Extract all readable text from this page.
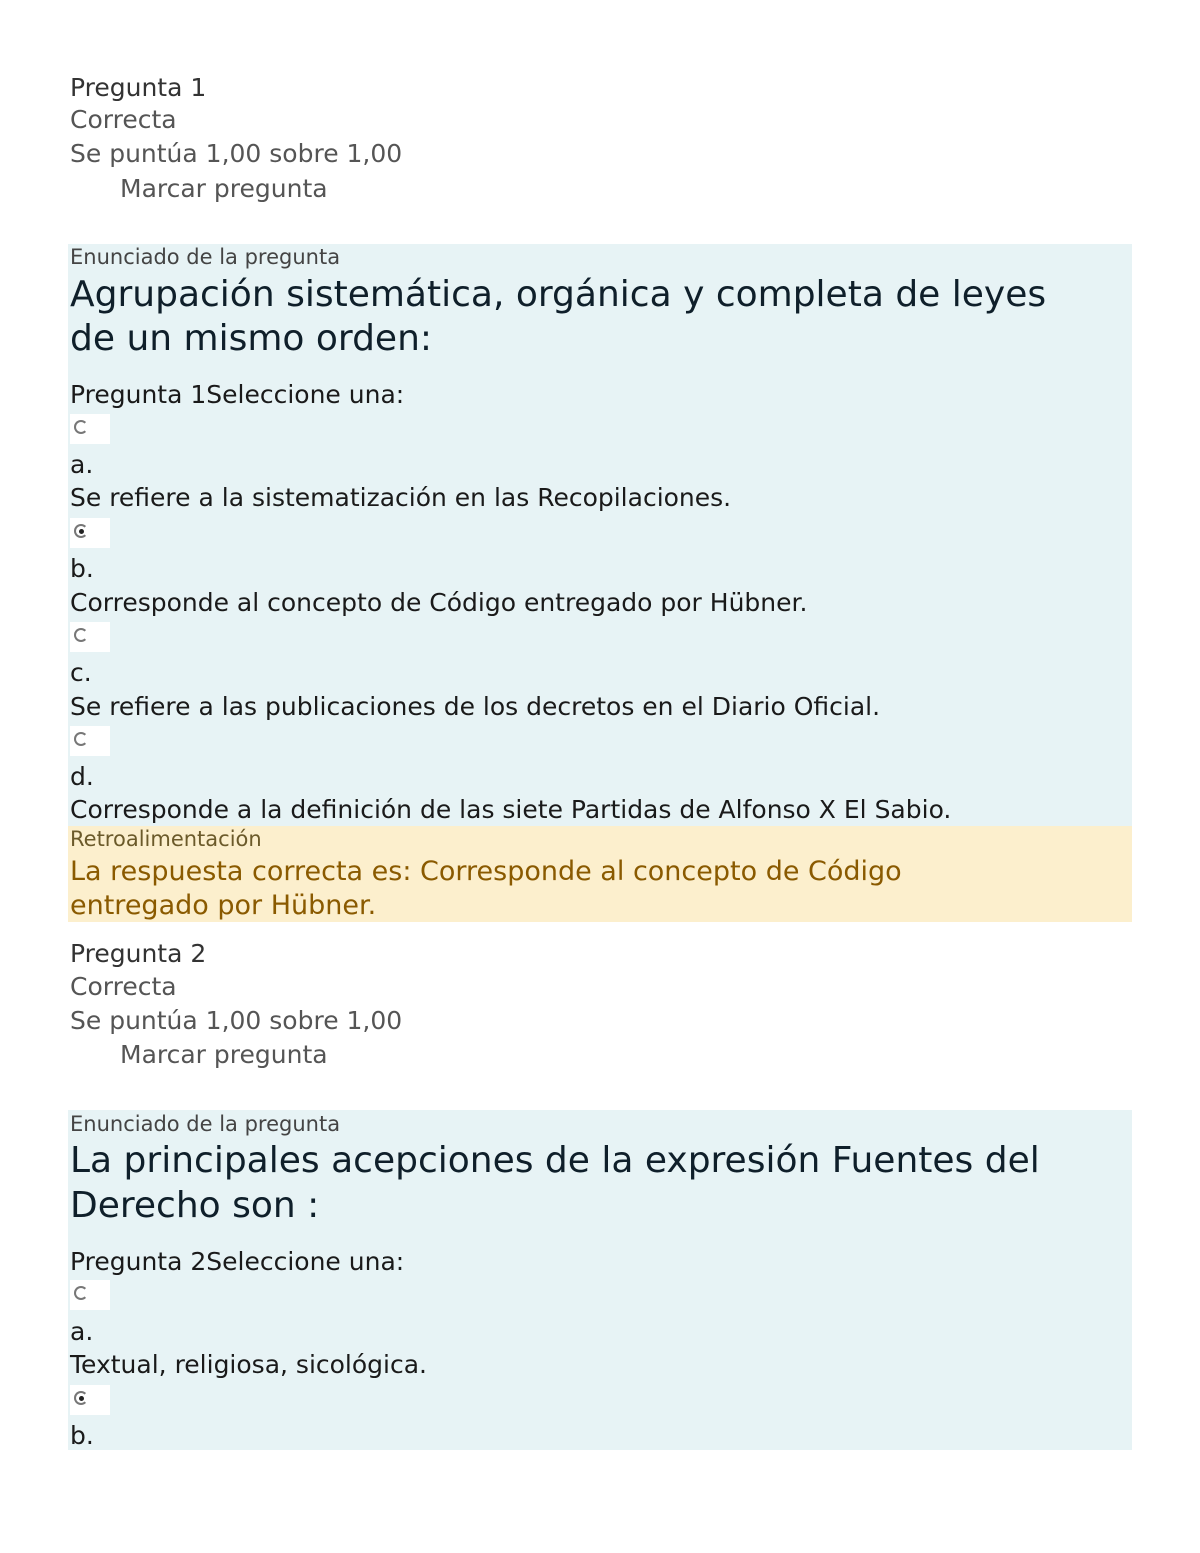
Pregunta 1
Correcta
Se puntúa 1,00 sobre 1,00
Marcar pregunta
Enunciado de la pregunta
Agrupación sistemática, orgánica y completa de leyes
de un mismo orden:
Pregunta 1Seleccione una:
a.
Se refiere a la sistematización en las Recopilaciones.
b.
Corresponde al concepto de Código entregado por Hübner.
c.
Se refiere a las publicaciones de los decretos en el Diario Oficial.
d.
Corresponde a la definición de las siete Partidas de Alfonso X El Sabio.
Retroalimentación
La respuesta correcta es: Corresponde al concepto de Código
entregado por Hübner.
Pregunta 2
Correcta
Se puntúa 1,00 sobre 1,00
Marcar pregunta
Enunciado de la pregunta
La principales acepciones de la expresión Fuentes del
Derecho son :
Pregunta 2Seleccione una:
a.
Textual, religiosa, sicológica.
b.
